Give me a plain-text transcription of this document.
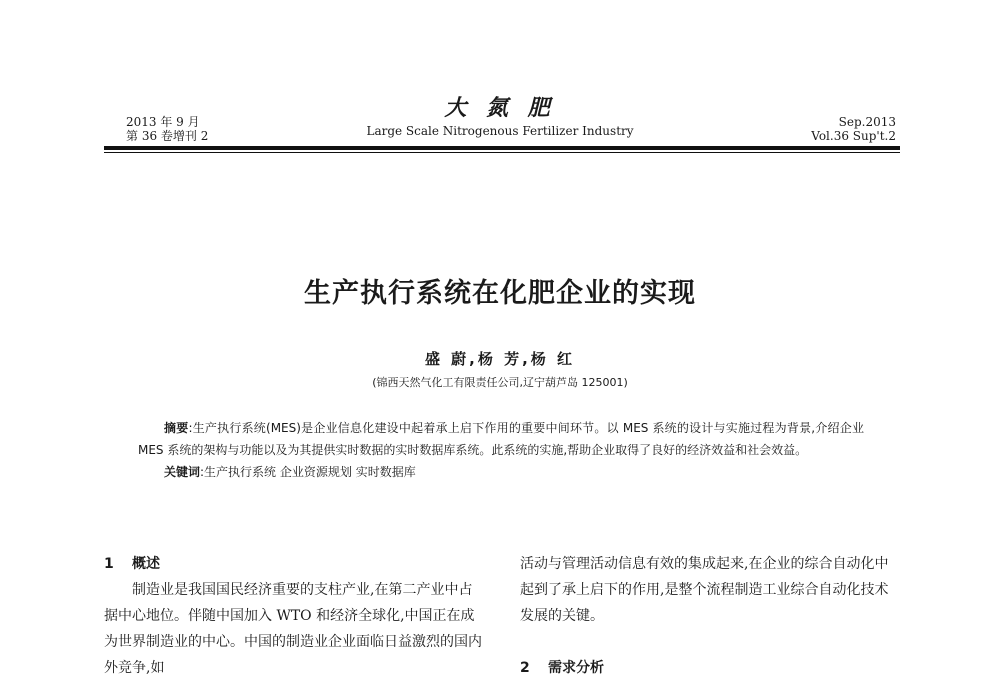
2013 年 9 月
第 36 卷增刊 2
大 氮 肥
Large Scale Nitrogenous Fertilizer Industry
Sep.2013
Vol.36 Sup't.2
生产执行系统在化肥企业的实现
盛 蔚,杨 芳,杨 红
(锦西天然气化工有限责任公司,辽宁葫芦岛 125001)

摘要:生产执行系统(MES)是企业信息化建设中起着承上启下作用的重要中间环节。以 MES 系统的设计与实施过程为背景,介绍企业 MES 系统的架构与功能以及为其提供实时数据的实时数据库系统。此系统的实施,帮助企业取得了良好的经济效益和社会效益。

关键词:生产执行系统 企业资源规划 实时数据库

1 概述

制造业是我国国民经济重要的支柱产业,在第二产业中占据中心地位。伴随中国加入 WTO 和经济全球化,中国正在成为世界制造业的中心。中国的制造业企业面临日益激烈的国内外竞争,如

活动与管理活动信息有效的集成起来,在企业的综合自动化中起到了承上启下的作用,是整个流程制造工业综合自动化技术发展的关键。

2 需求分析
